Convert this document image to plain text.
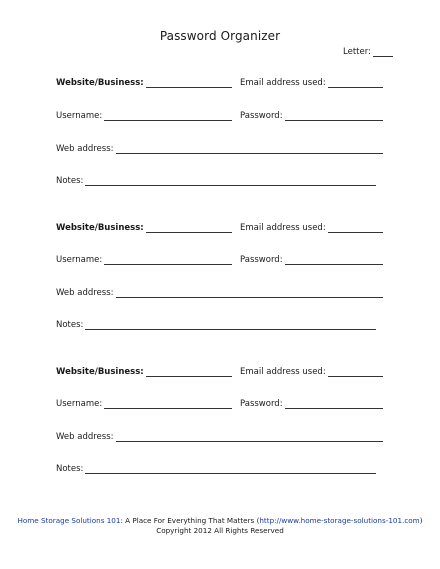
Password Organizer
Letter:
Website/Business:	Email address used:
Username:	Password:
Web address:
Notes:
Website/Business:	Email address used:
Username:	Password:
Web address:
Notes:
Website/Business:	Email address used:
Username:	Password:
Web address:
Notes:
Home Storage Solutions 101: A Place For Everything That Matters (http://www.home-storage-solutions-101.com)
Copyright 2012 All Rights Reserved
